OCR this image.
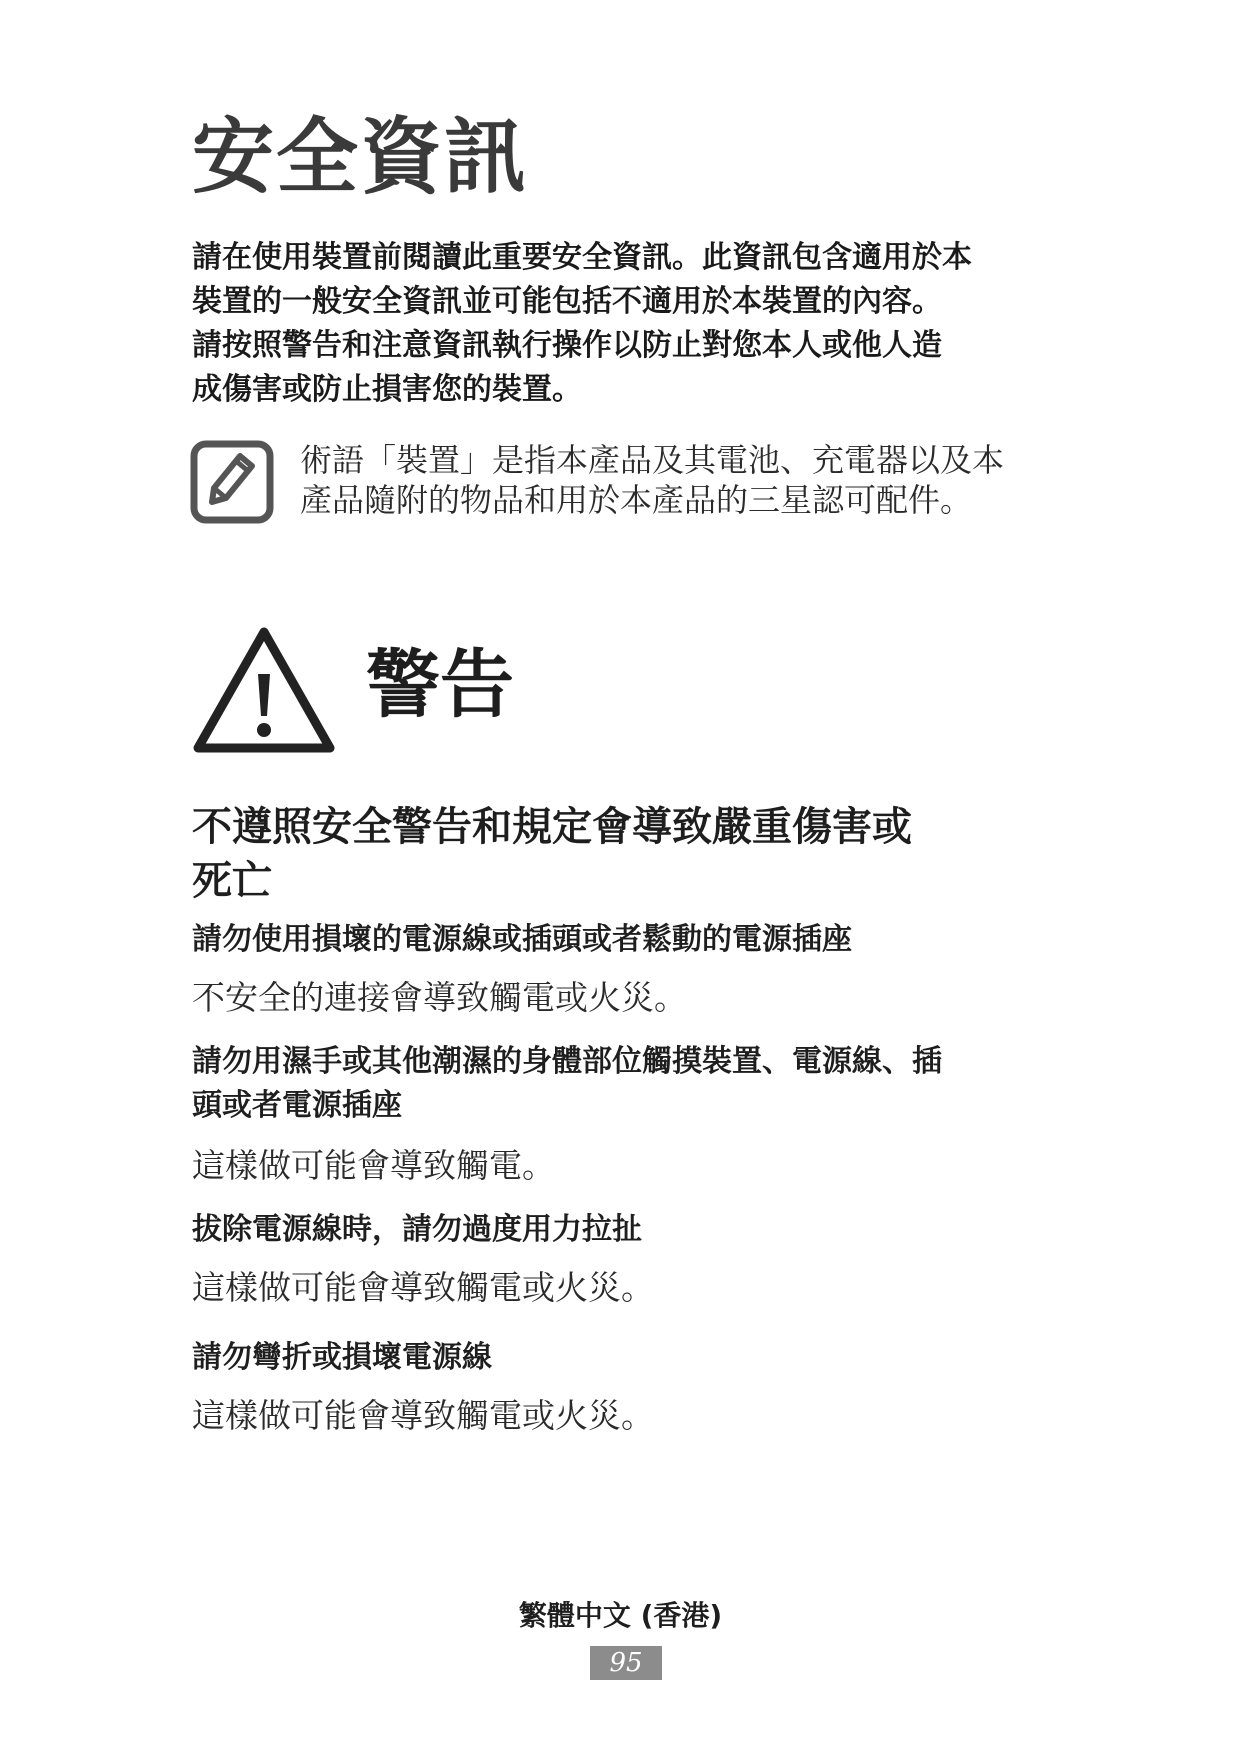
安全資訊
請在使用裝置前閱讀此重要安全資訊。此資訊包含適用於本
裝置的一般安全資訊並可能包括不適用於本裝置的內容。
請按照警告和注意資訊執行操作以防止對您本人或他人造
成傷害或防止損害您的裝置。
術語「裝置」是指本產品及其電池、充電器以及本
產品隨附的物品和用於本產品的三星認可配件。
警告
不遵照安全警告和規定會導致嚴重傷害或
死亡
請勿使用損壞的電源線或插頭或者鬆動的電源插座
不安全的連接會導致觸電或火災。
請勿用濕手或其他潮濕的身體部位觸摸裝置、電源線、插
頭或者電源插座
這樣做可能會導致觸電。
拔除電源線時，請勿過度用力拉扯
這樣做可能會導致觸電或火災。
請勿彎折或損壞電源線
這樣做可能會導致觸電或火災。
繁體中文 (香港)
95
